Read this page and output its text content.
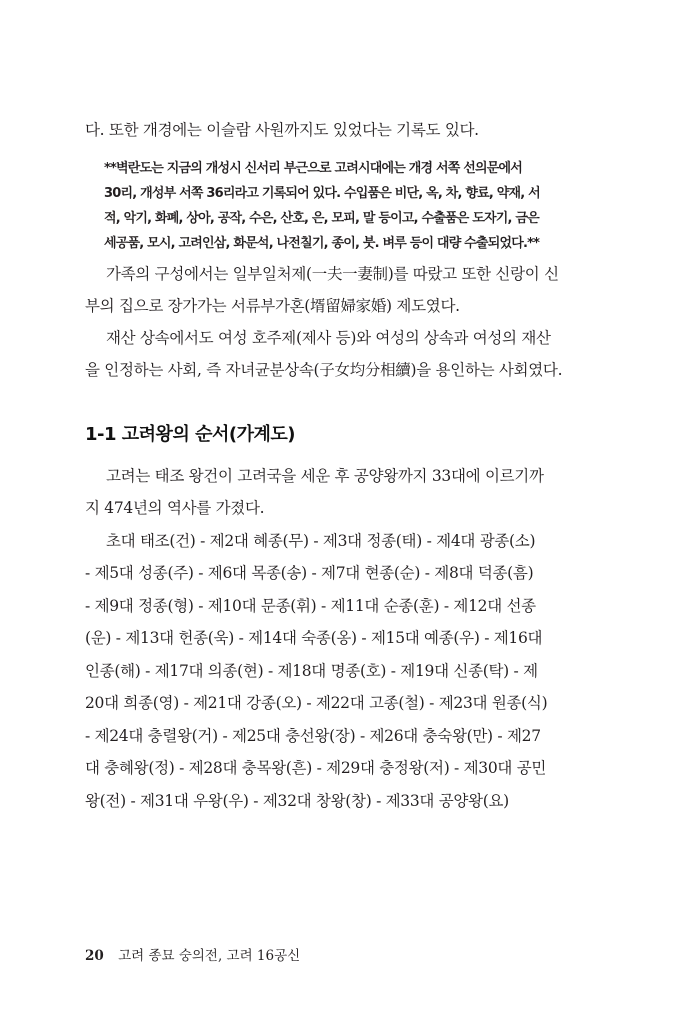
다. 또한 개경에는 이슬람 사원까지도 있었다는 기록도 있다.
**벽란도는 지금의 개성시 신서리 부근으로 고려시대에는 개경 서쪽 선의문에서
30리, 개성부 서쪽 36리라고 기록되어 있다. 수입품은 비단, 옥, 차, 향료, 약재, 서
적, 악기, 화폐, 상아, 공작, 수은, 산호, 은, 모피, 말 등이고, 수출품은 도자기, 금은
세공품, 모시, 고려인삼, 화문석, 나전칠기, 종이, 붓. 벼루 등이 대량 수출되었다.**
가족의 구성에서는 일부일처제(一夫一妻制)를 따랐고 또한 신랑이 신
부의 집으로 장가가는 서류부가혼(壻留婦家婚) 제도였다.
재산 상속에서도 여성 호주제(제사 등)와 여성의 상속과 여성의 재산
을 인정하는 사회, 즉 자녀균분상속(子女均分相續)을 용인하는 사회였다.
1-1 고려왕의 순서(가계도)
고려는 태조 왕건이 고려국을 세운 후 공양왕까지 33대에 이르기까
지 474년의 역사를 가졌다.
초대 태조(건) - 제2대 혜종(무) - 제3대 정종(태) - 제4대 광종(소)
- 제5대 성종(주) - 제6대 목종(송) - 제7대 현종(순) - 제8대 덕종(흠)
- 제9대 정종(형) - 제10대 문종(휘) - 제11대 순종(훈) - 제12대 선종
(운) - 제13대 헌종(욱) - 제14대 숙종(옹) - 제15대 예종(우) - 제16대
인종(해) - 제17대 의종(현) - 제18대 명종(호) - 제19대 신종(탁) - 제
20대 희종(영) - 제21대 강종(오) - 제22대 고종(철) - 제23대 원종(식)
- 제24대 충렬왕(거) - 제25대 충선왕(장) - 제26대 충숙왕(만) - 제27
대 충혜왕(정) - 제28대 충목왕(흔) - 제29대 충정왕(저) - 제30대 공민
왕(전) - 제31대 우왕(우) - 제32대 창왕(창) - 제33대 공양왕(요)
20 고려 종묘 숭의전, 고려 16공신
